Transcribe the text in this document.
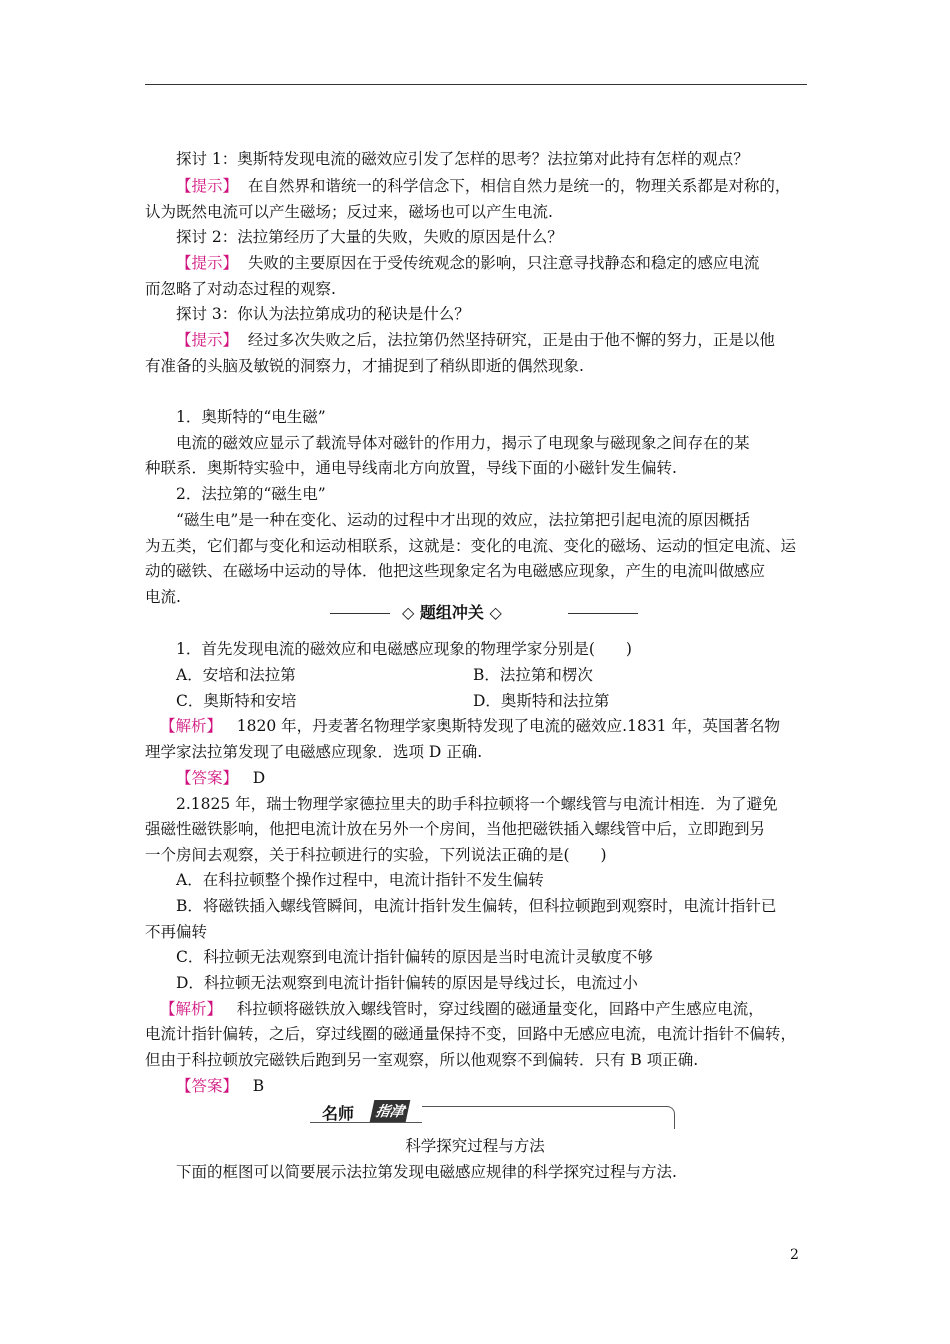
探讨 1：奥斯特发现电流的磁效应引发了怎样的思考？法拉第对此持有怎样的观点？
【提示】 在自然界和谐统一的科学信念下，相信自然力是统一的，物理关系都是对称的，
认为既然电流可以产生磁场；反过来，磁场也可以产生电流.
探讨 2：法拉第经历了大量的失败，失败的原因是什么？
【提示】 失败的主要原因在于受传统观念的影响，只注意寻找静态和稳定的感应电流
而忽略了对动态过程的观察.
探讨 3：你认为法拉第成功的秘诀是什么？
【提示】 经过多次失败之后，法拉第仍然坚持研究，正是由于他不懈的努力，正是以他
有准备的头脑及敏锐的洞察力，才捕捉到了稍纵即逝的偶然现象.
1．奥斯特的“电生磁”
电流的磁效应显示了载流导体对磁针的作用力，揭示了电现象与磁现象之间存在的某
种联系．奥斯特实验中，通电导线南北方向放置，导线下面的小磁针发生偏转.
2．法拉第的“磁生电”
“磁生电”是一种在变化、运动的过程中才出现的效应，法拉第把引起电流的原因概括
为五类，它们都与变化和运动相联系，这就是：变化的电流、变化的磁场、运动的恒定电流、运
动的磁铁、在磁场中运动的导体．他把这些现象定名为电磁感应现象，产生的电流叫做感应
电流.
◇ 题组冲关 ◇
1．首先发现电流的磁效应和电磁感应现象的物理学家分别是(　　)
A．安培和法拉第	B．法拉第和楞次
C．奥斯特和安培	D．奥斯特和法拉第
【解析】 1820 年，丹麦著名物理学家奥斯特发现了电流的磁效应.1831 年，英国著名物
理学家法拉第发现了电磁感应现象．选项 D 正确.
【答案】 D
2.1825 年，瑞士物理学家德拉里夫的助手科拉顿将一个螺线管与电流计相连．为了避免
强磁性磁铁影响，他把电流计放在另外一个房间，当他把磁铁插入螺线管中后，立即跑到另
一个房间去观察，关于科拉顿进行的实验，下列说法正确的是(　　)
A．在科拉顿整个操作过程中，电流计指针不发生偏转
B．将磁铁插入螺线管瞬间，电流计指针发生偏转，但科拉顿跑到观察时，电流计指针已
不再偏转
C．科拉顿无法观察到电流计指针偏转的原因是当时电流计灵敏度不够
D．科拉顿无法观察到电流计指针偏转的原因是导线过长，电流过小
【解析】 科拉顿将磁铁放入螺线管时，穿过线圈的磁通量变化，回路中产生感应电流，
电流计指针偏转，之后，穿过线圈的磁通量保持不变，回路中无感应电流，电流计指针不偏转，
但由于科拉顿放完磁铁后跑到另一室观察，所以他观察不到偏转．只有 B 项正确.
【答案】 B
名师	指津
科学探究过程与方法
下面的框图可以简要展示法拉第发现电磁感应规律的科学探究过程与方法.
2
